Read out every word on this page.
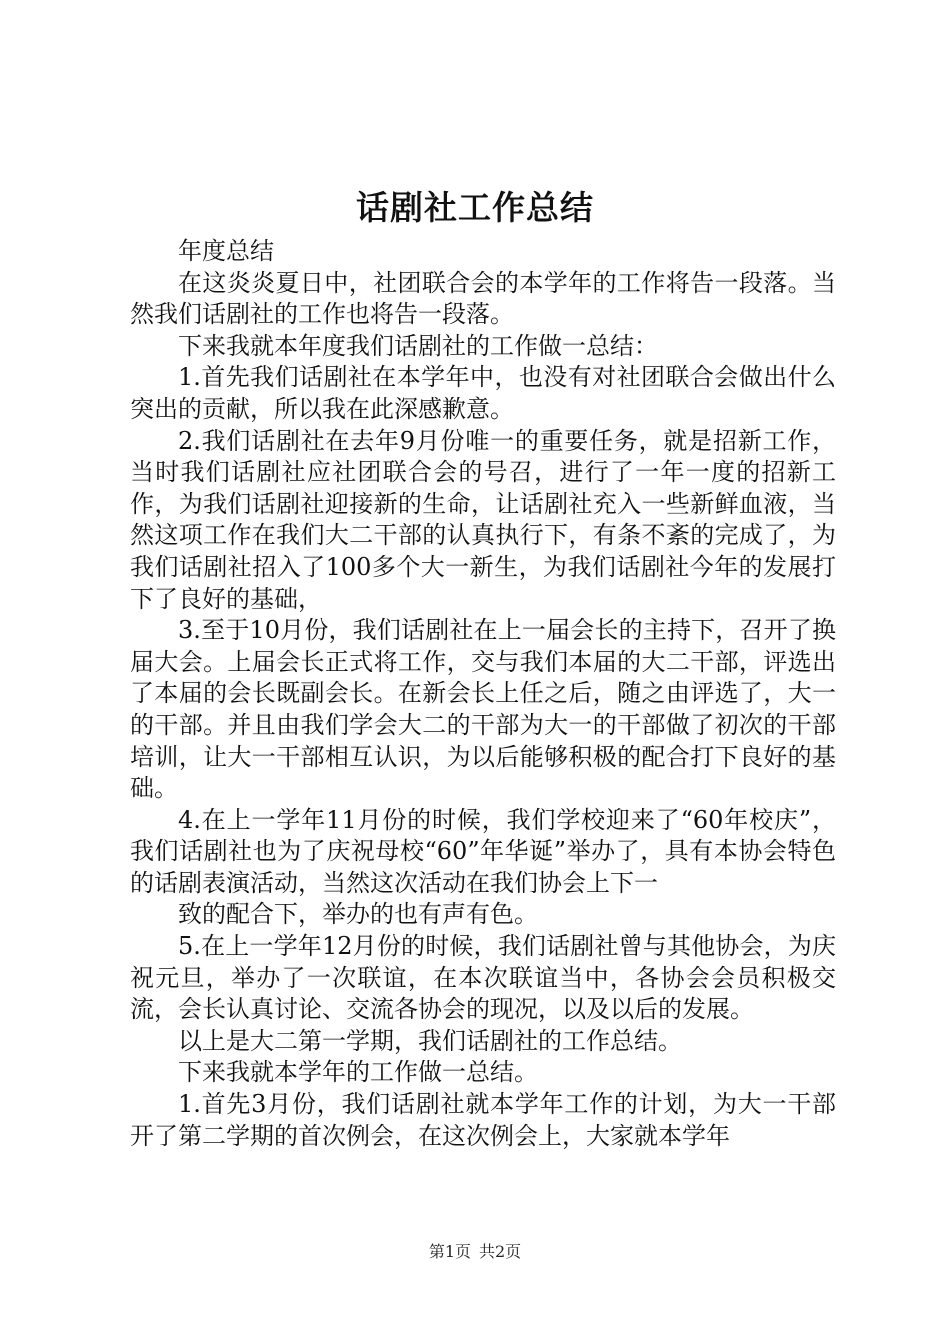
话剧社工作总结

年度总结

在这炎炎夏日中，社团联合会的本学年的工作将告一段落。当然我们话剧社的工作也将告一段落。

下来我就本年度我们话剧社的工作做一总结：

1.首先我们话剧社在本学年中，也没有对社团联合会做出什么突出的贡献，所以我在此深感歉意。

2.我们话剧社在去年9月份唯一的重要任务，就是招新工作，当时我们话剧社应社团联合会的号召，进行了一年一度的招新工作，为我们话剧社迎接新的生命，让话剧社充入一些新鲜血液，当然这项工作在我们大二干部的认真执行下，有条不紊的完成了，为我们话剧社招入了100多个大一新生，为我们话剧社今年的发展打下了良好的基础，

3.至于10月份，我们话剧社在上一届会长的主持下，召开了换届大会。上届会长正式将工作，交与我们本届的大二干部，评选出了本届的会长既副会长。在新会长上任之后，随之由评选了，大一的干部。并且由我们学会大二的干部为大一的干部做了初次的干部培训，让大一干部相互认识，为以后能够积极的配合打下良好的基础。

4.在上一学年11月份的时候，我们学校迎来了“60年校庆”，我们话剧社也为了庆祝母校“60”年华诞”举办了，具有本协会特色的话剧表演活动，当然这次活动在我们协会上下一

致的配合下，举办的也有声有色。

5.在上一学年12月份的时候，我们话剧社曾与其他协会，为庆祝元旦，举办了一次联谊，在本次联谊当中，各协会会员积极交流，会长认真讨论、交流各协会的现况，以及以后的发展。

以上是大二第一学期，我们话剧社的工作总结。

下来我就本学年的工作做一总结。

1.首先3月份，我们话剧社就本学年工作的计划，为大一干部开了第二学期的首次例会，在这次例会上，大家就本学年

第1页 共2页
